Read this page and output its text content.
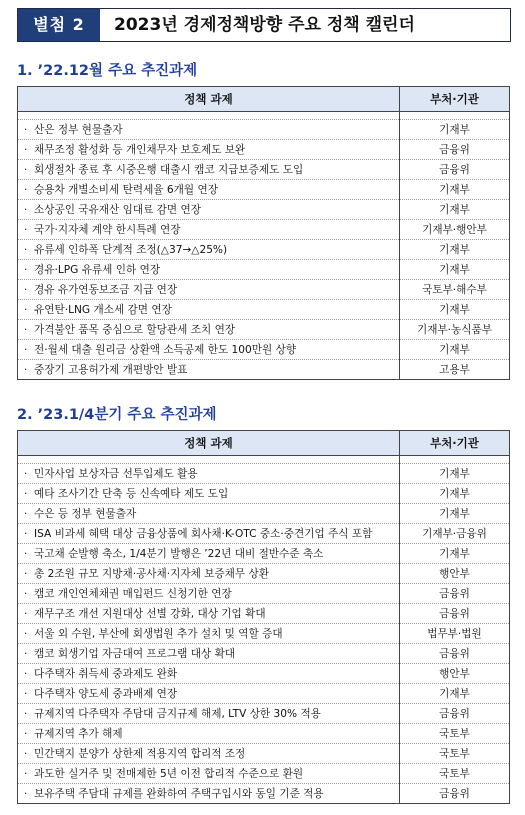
별첨 2	2023년 경제정책방향 주요 정책 캘린더
1. ’22.12월 주요 추진과제
정책 과제	부처·기관

· 산은 정부 현물출자	기재부
· 채무조정 활성화 등 개인채무자 보호제도 보완	금융위
· 회생절차 종료 후 시중은행 대출시 캠코 지급보증제도 도입	금융위
· 승용차 개별소비세 탄력세율 6개월 연장	기재부
· 소상공인 국유재산 임대료 감면 연장	기재부
· 국가·지자체 계약 한시특례 연장	기재부·행안부
· 유류세 인하폭 단계적 조정(△37→△25%)	기재부
· 경유·LPG 유류세 인하 연장	기재부
· 경유 유가연동보조금 지급 연장	국토부·해수부
· 유연탄·LNG 개소세 감면 연장	기재부
· 가격불안 품목 중심으로 할당관세 조치 연장	기재부·농식품부
· 전·월세 대출 원리금 상환액 소득공제 한도 100만원 상향	기재부
· 중장기 고용허가제 개편방안 발표	고용부
2. ’23.1/4분기 주요 추진과제
정책 과제	부처·기관

· 민자사업 보상자금 선투입제도 활용	기재부
· 예타 조사기간 단축 등 신속예타 제도 도입	기재부
· 수은 등 정부 현물출자	기재부
· ISA 비과세 혜택 대상 금융상품에 회사채·K-OTC 중소·중견기업 주식 포함	기재부·금융위
· 국고채 순발행 축소, 1/4분기 발행은 ’22년 대비 절반수준 축소	기재부
· 총 2조원 규모 지방채·공사채·지자체 보증채무 상환	행안부
· 캠코 개인연체채권 매입펀드 신청기한 연장	금융위
· 재무구조 개선 지원대상 선별 강화, 대상 기업 확대	금융위
· 서울 외 수원, 부산에 회생법원 추가 설치 및 역할 증대	법무부·법원
· 캠코 회생기업 자금대여 프로그램 대상 확대	금융위
· 다주택자 취득세 중과제도 완화	행안부
· 다주택자 양도세 중과배제 연장	기재부
· 규제지역 다주택자 주담대 금지규제 해제, LTV 상한 30% 적용	금융위
· 규제지역 추가 해제	국토부
· 민간택지 분양가 상한제 적용지역 합리적 조정	국토부
· 과도한 실거주 및 전매제한 5년 이전 합리적 수준으로 환원	국토부
· 보유주택 주담대 규제를 완화하여 주택구입시와 동일 기준 적용	금융위
